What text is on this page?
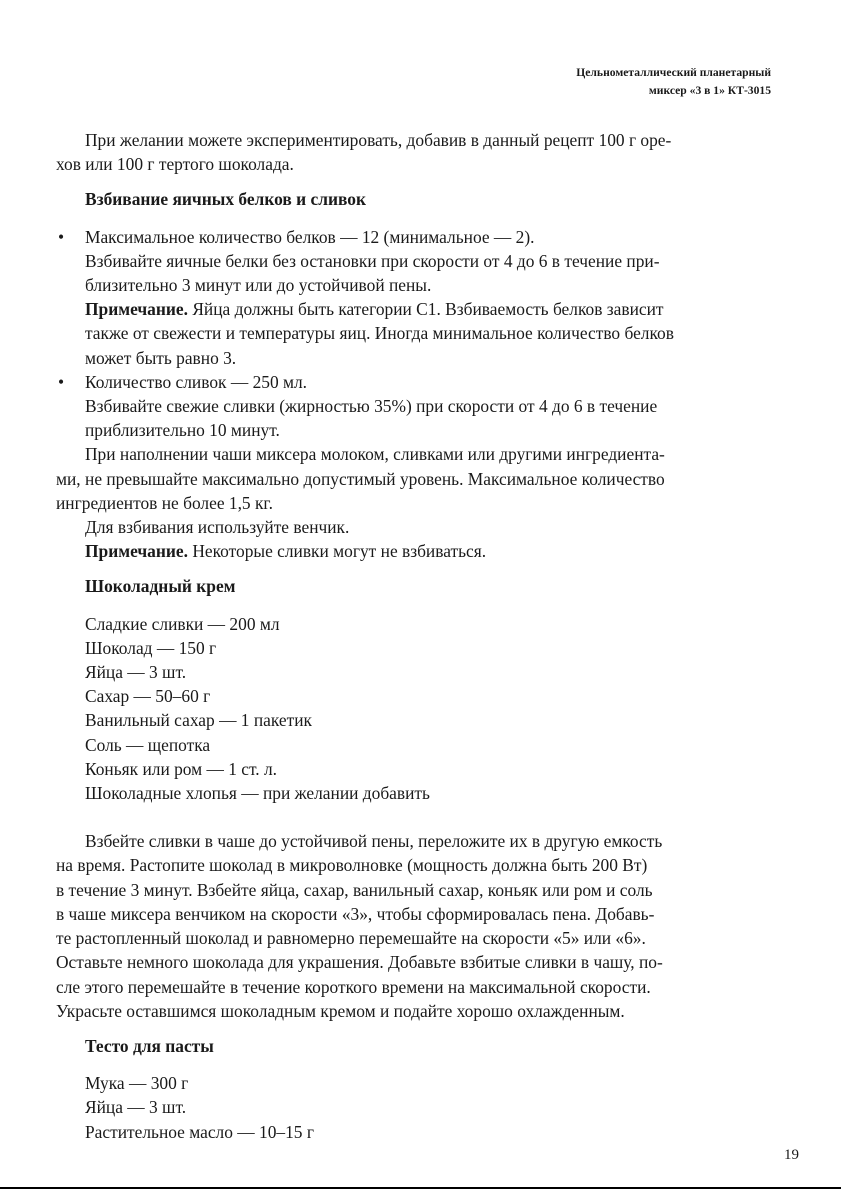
Цельнометаллический планетарный
миксер «3 в 1» КТ-3015

При желании можете экспериментировать, добавив в данный рецепт 100 г оре-

хов или 100 г тертого шоколада.

Взбивание яичных белков и сливок
• Максимальное количество белков — 12 (минимальное — 2).
Взбивайте яичные белки без остановки при скорости от 4 до 6 в течение при-
близительно 3 минут или до устойчивой пены.
Примечание. Яйца должны быть категории С1. Взбиваемость белков зависит
также от свежести и температуры яиц. Иногда минимальное количество белков
может быть равно 3.
• Количество сливок — 250 мл.
Взбивайте свежие сливки (жирностью 35%) при скорости от 4 до 6 в течение
приблизительно 10 минут.

При наполнении чаши миксера молоком, сливками или другими ингредиента-

ми, не превышайте максимально допустимый уровень. Максимальное количество

ингредиентов не более 1,5 кг.

Для взбивания используйте венчик.

Примечание. Некоторые сливки могут не взбиваться.

Шоколадный крем
Сладкие сливки — 200 мл
Шоколад — 150 г
Яйца — 3 шт.
Сахар — 50–60 г
Ванильный сахар — 1 пакетик
Соль — щепотка
Коньяк или ром — 1 ст. л.
Шоколадные хлопья — при желании добавить

Взбейте сливки в чаше до устойчивой пены, переложите их в другую емкость

на время. Растопите шоколад в микроволновке (мощность должна быть 200 Вт)

в течение 3 минут. Взбейте яйца, сахар, ванильный сахар, коньяк или ром и соль

в чаше миксера венчиком на скорости «3», чтобы сформировалась пена. Добавь-

те растопленный шоколад и равномерно перемешайте на скорости «5» или «6».

Оставьте немного шоколада для украшения. Добавьте взбитые сливки в чашу, по-

сле этого перемешайте в течение короткого времени на максимальной скорости.

Украсьте оставшимся шоколадным кремом и подайте хорошо охлажденным.

Тесто для пасты
Мука — 300 г
Яйца — 3 шт.
Растительное масло — 10–15 г
19
